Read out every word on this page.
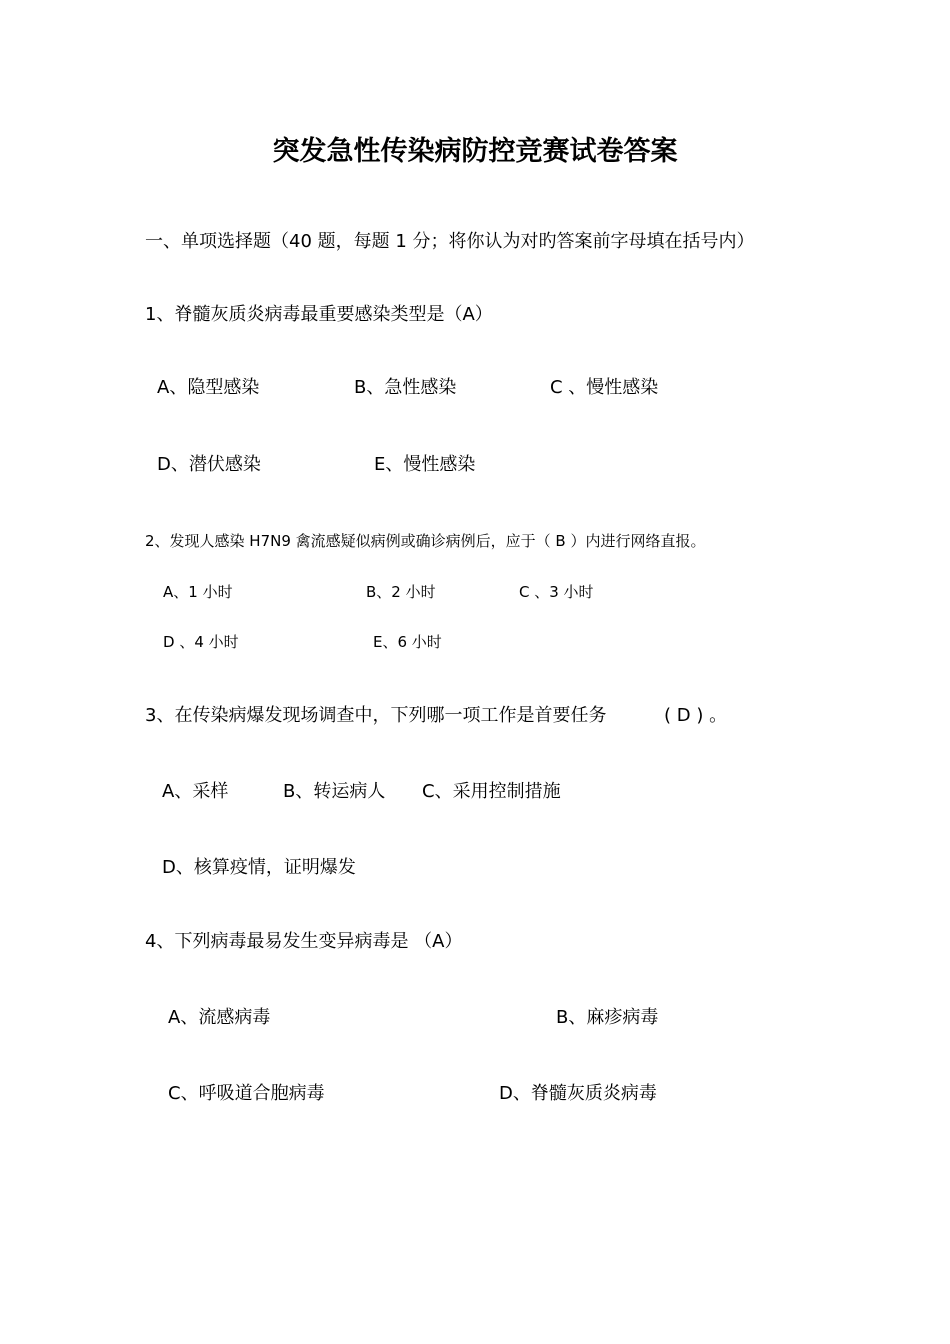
突发急性传染病防控竞赛试卷答案
一、单项选择题（40 题，每题 1 分；将你认为对旳答案前字母填在括号内）
1、脊髓灰质炎病毒最重要感染类型是（A）
A、隐型感染	B、急性感染	C 、慢性感染
D、潜伏感染	E、慢性感染
2、发现人感染 H7N9 禽流感疑似病例或确诊病例后，应于（ B ）内进行网络直报。
A、1 小时	B、2 小时	C 、3 小时
D 、4 小时	E、6 小时
3、在传染病爆发现场调查中，下列哪一项工作是首要任务	( D ) 。
A、采样	B、转运病人 C、采用控制措施
D、核算疫情，证明爆发
4、下列病毒最易发生变异病毒是 （A）
A、流感病毒	B、麻疹病毒
C、呼吸道合胞病毒	D、脊髓灰质炎病毒
